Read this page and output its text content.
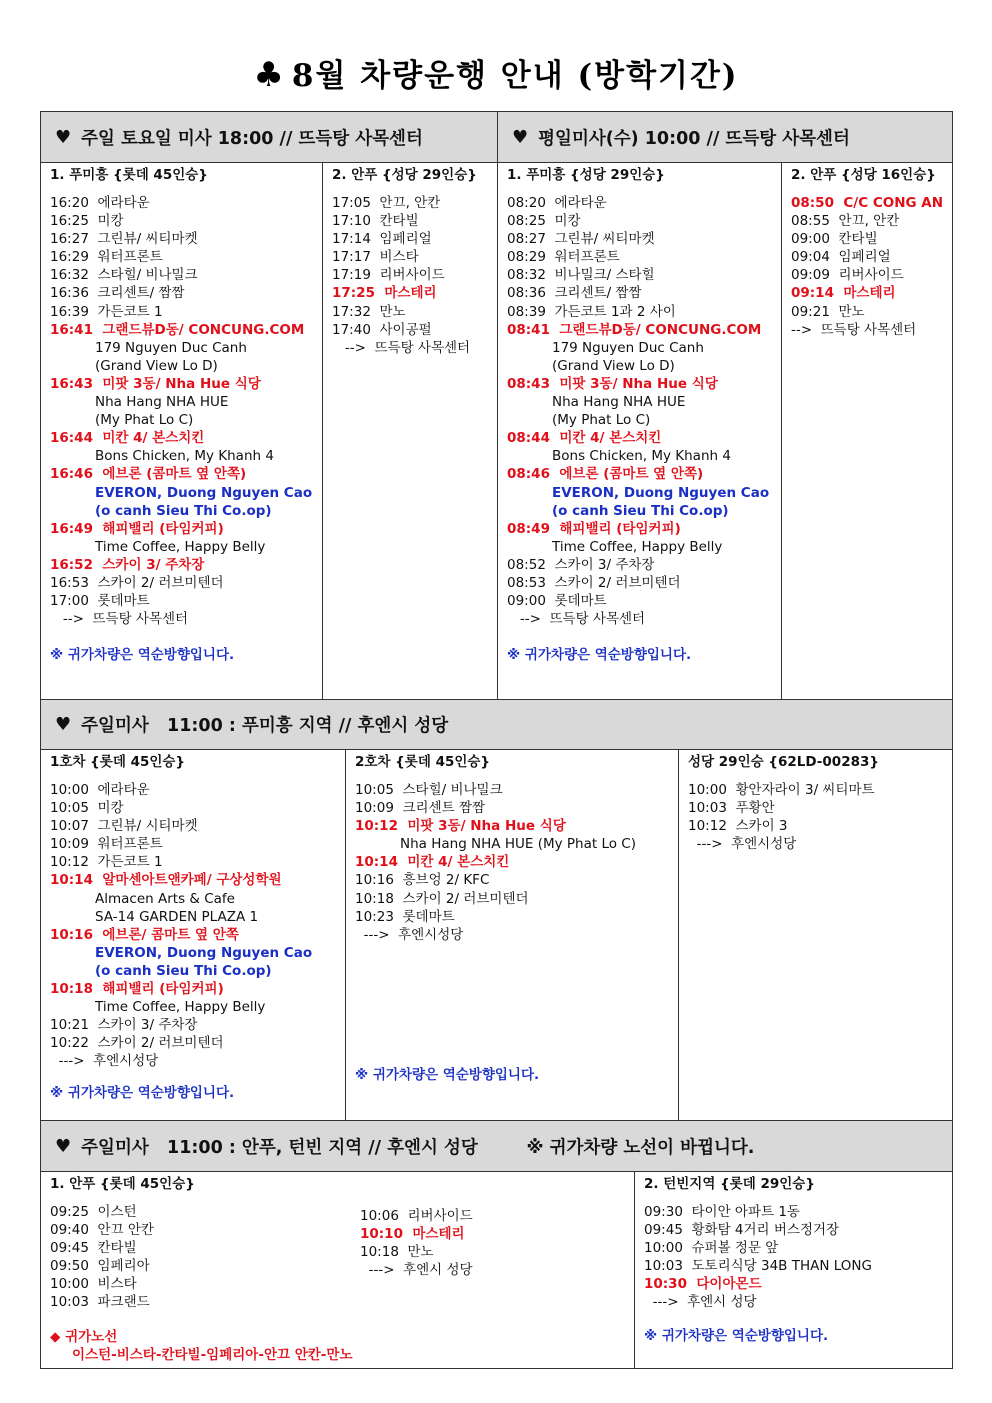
♣ 8월 차량운행 안내 (방학기간)
♥ 주일 토요일 미사 18:00 // 뜨득탕 사목센터	♥ 평일미사(수) 10:00 // 뜨득탕 사목센터
1. 푸미흥 {롯데 45인승}
16:20  에라타운
16:25  미캉
16:27  그린뷰/ 씨티마켓
16:29  워터프론트
16:32  스타힐/ 비나밀크
16:36  크리센트/ 짬짬
16:39  가든코트 1
16:41  그랜드뷰D동/ CONCUNG.COM
179 Nguyen Duc Canh
(Grand View Lo D)
16:43  미팟 3동/ Nha Hue 식당
Nha Hang NHA HUE
(My Phat Lo C)
16:44  미칸 4/ 본스치킨
Bons Chicken, My Khanh 4
16:46  에브론 (콤마트 옆 안쪽)
EVERON, Duong Nguyen Cao
(o canh Sieu Thi Co.op)
16:49  해피밸리 (타임커피)
Time Coffee, Happy Belly
16:52  스카이 3/ 주차장
16:53  스카이 2/ 러브미텐더
17:00  롯데마트
-->  뜨득탕 사목센터
※ 귀가차량은 역순방향입니다.
2. 안푸 {성당 29인승}
17:05  안끄, 안칸
17:10  칸타빌
17:14  임페리얼
17:17  비스타
17:19  리버사이드
17:25  마스테리
17:32  만노
17:40  사이공펄
-->  뜨득탕 사목센터
1. 푸미흥 {성당 29인승}
08:20  에라타운
08:25  미캉
08:27  그린뷰/ 씨티마켓
08:29  워터프론트
08:32  비나밀크/ 스타힐
08:36  크리센트/ 짬짬
08:39  가든코트 1과 2 사이
08:41  그랜드뷰D동/ CONCUNG.COM
179 Nguyen Duc Canh
(Grand View Lo D)
08:43  미팟 3동/ Nha Hue 식당
Nha Hang NHA HUE
(My Phat Lo C)
08:44  미칸 4/ 본스치킨
Bons Chicken, My Khanh 4
08:46  에브론 (콤마트 옆 안쪽)
EVERON, Duong Nguyen Cao
(o canh Sieu Thi Co.op)
08:49  해피밸리 (타임커피)
Time Coffee, Happy Belly
08:52  스카이 3/ 주차장
08:53  스카이 2/ 러브미텐더
09:00  롯데마트
-->  뜨득탕 사목센터
※ 귀가차량은 역순방향입니다.
2. 안푸 {성당 16인승}
08:50  C/C CONG AN
08:55  안끄, 안칸
09:00  칸타빌
09:04  임페리얼
09:09  리버사이드
09:14  마스테리
09:21  만노
-->  뜨득탕 사목센터
♥ 주일미사   11:00 : 푸미흥 지역 // 후엔시 성당
1호차 {롯데 45인승}
10:00  에라타운
10:05  미캉
10:07  그린뷰/ 시티마켓
10:09  워터프론트
10:12  가든코트 1
10:14  알마센아트앤카페/ 구상성학원
Almacen Arts & Cafe
SA-14 GARDEN PLAZA 1
10:16  에브론/ 콤마트 옆 안쪽
EVERON, Duong Nguyen Cao
(o canh Sieu Thi Co.op)
10:18  해피밸리 (타임커피)
Time Coffee, Happy Belly
10:21  스카이 3/ 주차장
10:22  스카이 2/ 러브미텐더
--->  후엔시성당
※ 귀가차량은 역순방향입니다.
2호차 {롯데 45인승}
10:05  스타힐/ 비나밀크
10:09  크리센트 짬짬
10:12  미팟 3동/ Nha Hue 식당
Nha Hang NHA HUE (My Phat Lo C)
10:14  미칸 4/ 본스치킨
10:16  흥브엉 2/ KFC
10:18  스카이 2/ 러브미텐더
10:23  롯데마트
--->  후엔시성당
※ 귀가차량은 역순방향입니다.
성당 29인승 {62LD-00283}
10:00  황안자라이 3/ 씨티마트
10:03  푸황안
10:12  스카이 3
--->  후엔시성당
♥ 주일미사   11:00 : 안푸, 턴빈 지역 // 후엔시 성당        ※ 귀가차량 노선이 바뀝니다.
1. 안푸 {롯데 45인승}
09:25  이스턴
09:40  안끄 안칸
09:45  칸타빌
09:50  임페리아
10:00  비스타
10:03  파크랜드
10:06  리버사이드
10:10  마스테리
10:18  만노
--->  후엔시 성당
◆ 귀가노선
이스턴-비스타-칸타빌-임페리아-안끄 안칸-만노
2. 턴빈지역 {롯데 29인승}
09:30  타이안 아파트 1동
09:45  황화탐 4거리 버스정거장
10:00  슈퍼볼 정문 앞
10:03  도토리식당 34B THAN LONG
10:30  다이아몬드
--->  후엔시 성당
※ 귀가차량은 역순방향입니다.
